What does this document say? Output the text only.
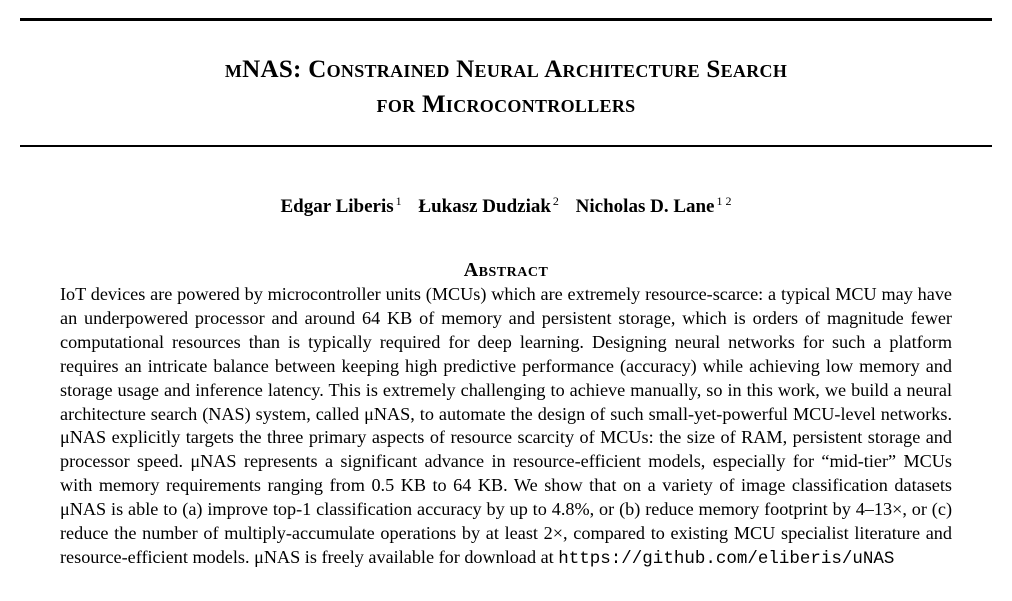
μNAS: Constrained Neural Architecture Search
for Microcontrollers
Edgar Liberis $^1$ Łukasz Dudziak $^2$ Nicholas D. Lane $^{1 2}$
Abstract

IoT devices are powered by microcontroller units (MCUs) which are extremely resource-scarce: a typical MCU may have an underpowered processor and around 64 KB of memory and persistent storage, which is orders of magnitude fewer computational resources than is typically required for deep learning. Designing neural networks for such a platform requires an intricate balance between keeping high predictive performance (accuracy) while achieving low memory and storage usage and inference latency. This is extremely challenging to achieve manually, so in this work, we build a neural architecture search (NAS) system, called μNAS, to automate the design of such small-yet-powerful MCU-level networks. μNAS explicitly targets the three primary aspects of resource scarcity of MCUs: the size of RAM, persistent storage and processor speed. μNAS represents a significant advance in resource-efficient models, especially for “mid-tier” MCUs with memory requirements ranging from 0.5 KB to 64 KB. We show that on a variety of image classification datasets μNAS is able to (a) improve top-1 classification accuracy by up to 4.8%, or (b) reduce memory footprint by 4–13×, or (c) reduce the number of multiply-accumulate operations by at least 2×, compared to existing MCU specialist literature and resource-efficient models. μNAS is freely available for download at https://github.com/eliberis/uNAS
